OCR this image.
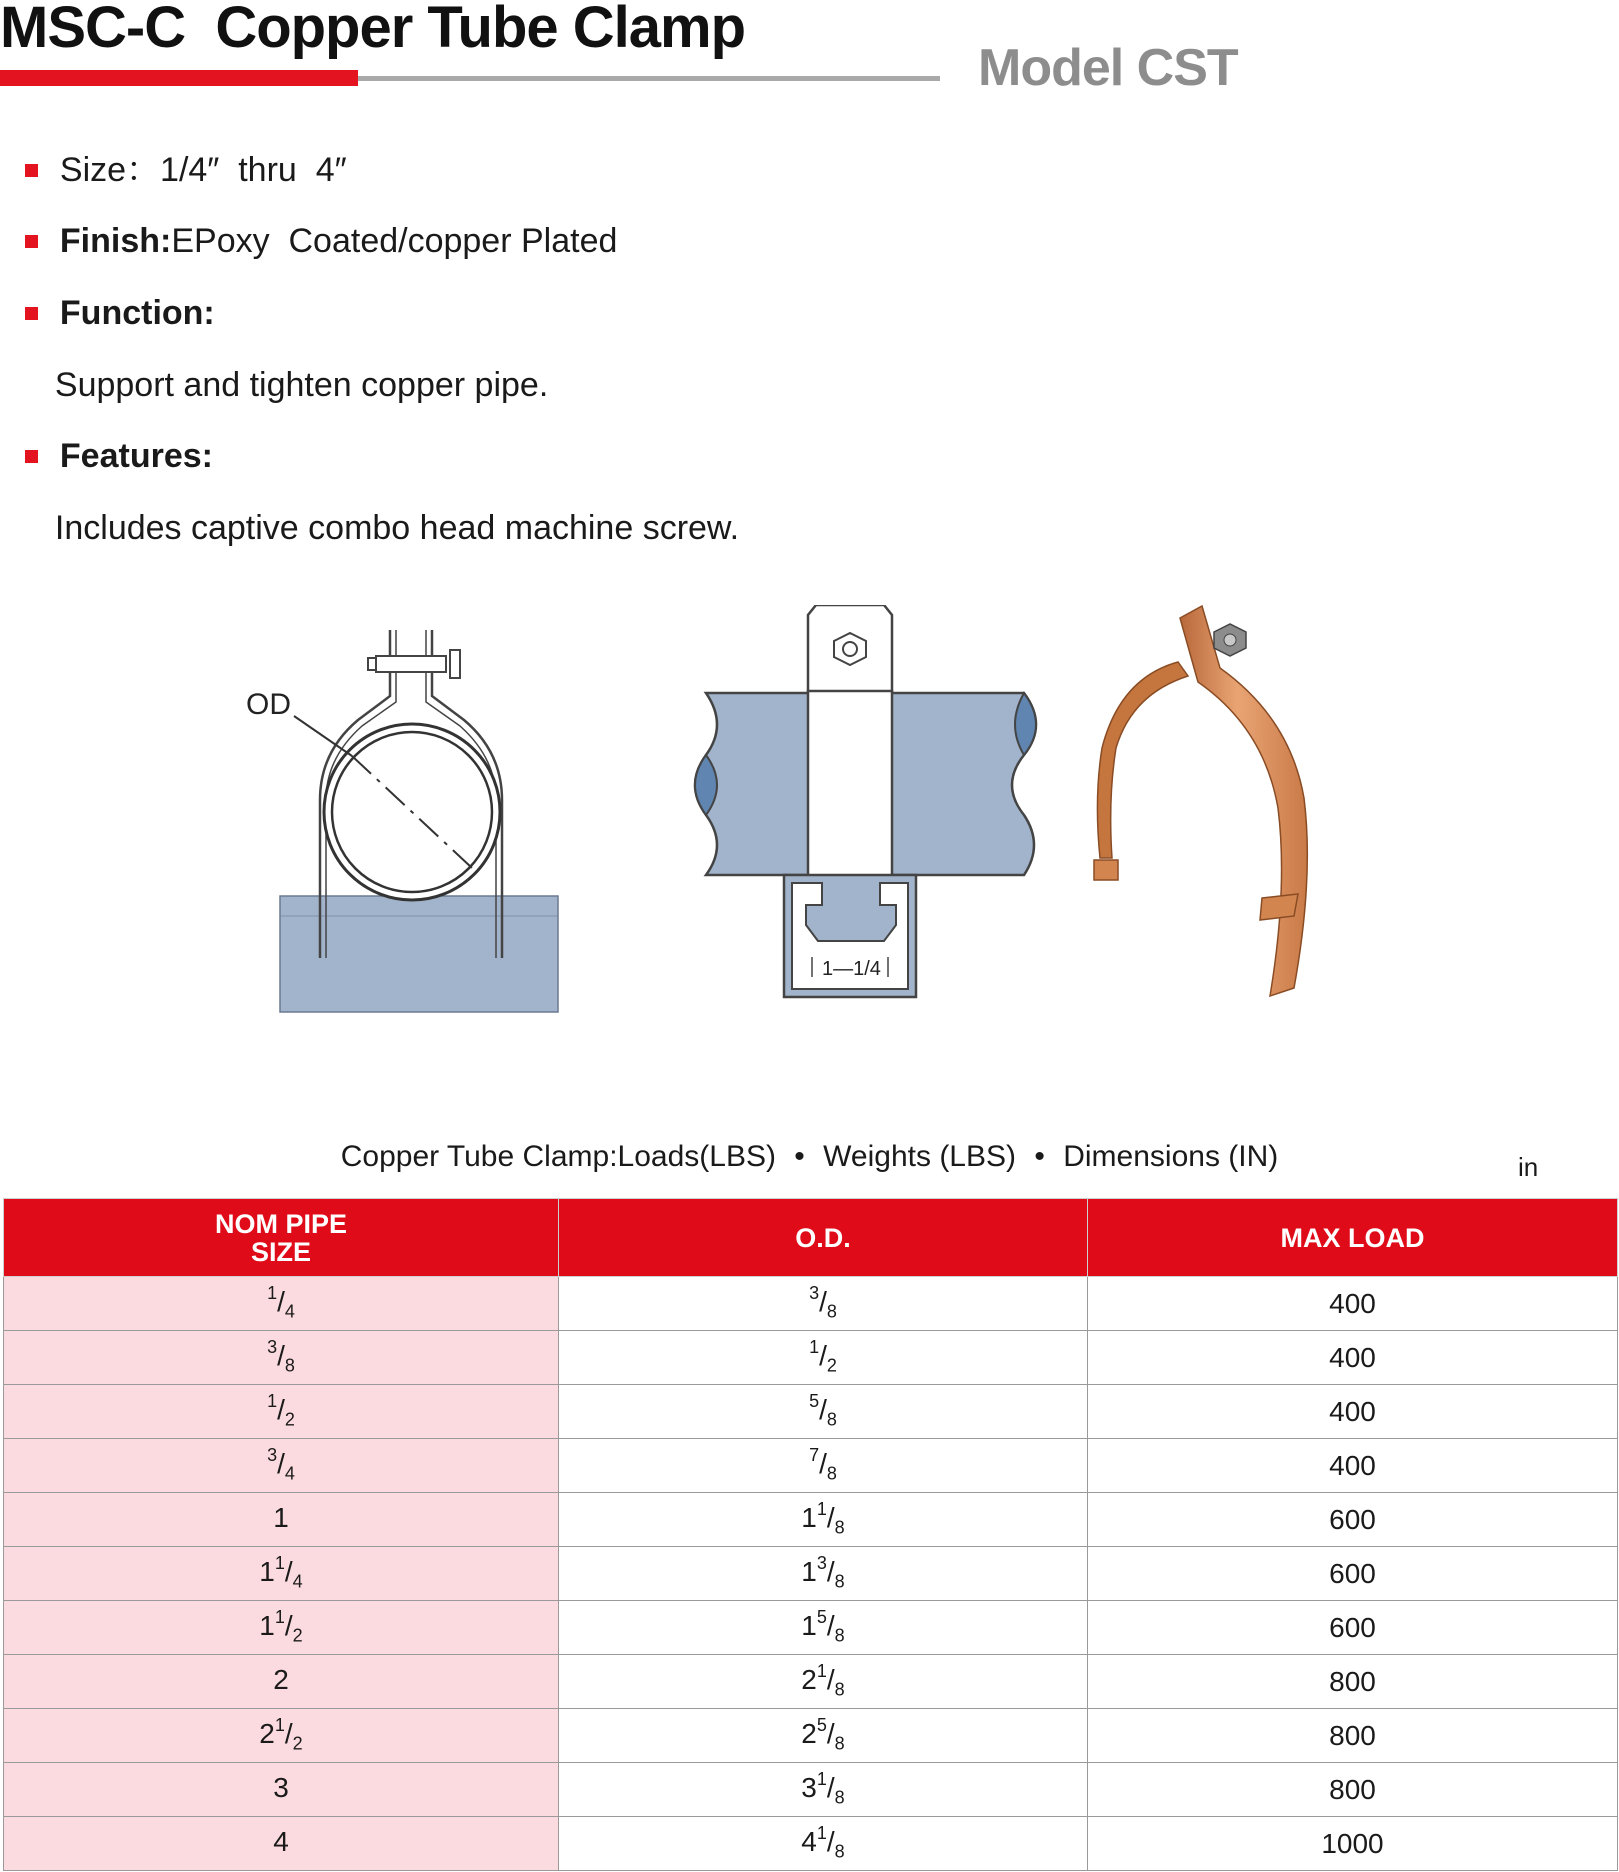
MSC-C  Copper Tube Clamp
Model CST

Size：1/4″  thru  4″

Finish:EPoxy  Coated/copper Plated

Function:

Support and tighten copper pipe.

Features:

Includes captive combo head machine screw.

OD
1—1/4
Copper Tube Clamp:Loads(LBS) • Weights (LBS) • Dimensions (IN)	in
NOM PIPE
SIZE	O.D.	MAX LOAD
$^1/_4$	$^3/_8$	400
$^3/_8$	$^1/_2$	400
$^1/_2$	$^5/_8$	400
$^3/_4$	$^7/_8$	400
1	$1^1/_8$	600
$1^1/_4$	$1^3/_8$	600
$1^1/_2$	$1^5/_8$	600
2	$2^1/_8$	800
$2^1/_2$	$2^5/_8$	800
3	$3^1/_8$	800
4	$4^1/_8$	1000
